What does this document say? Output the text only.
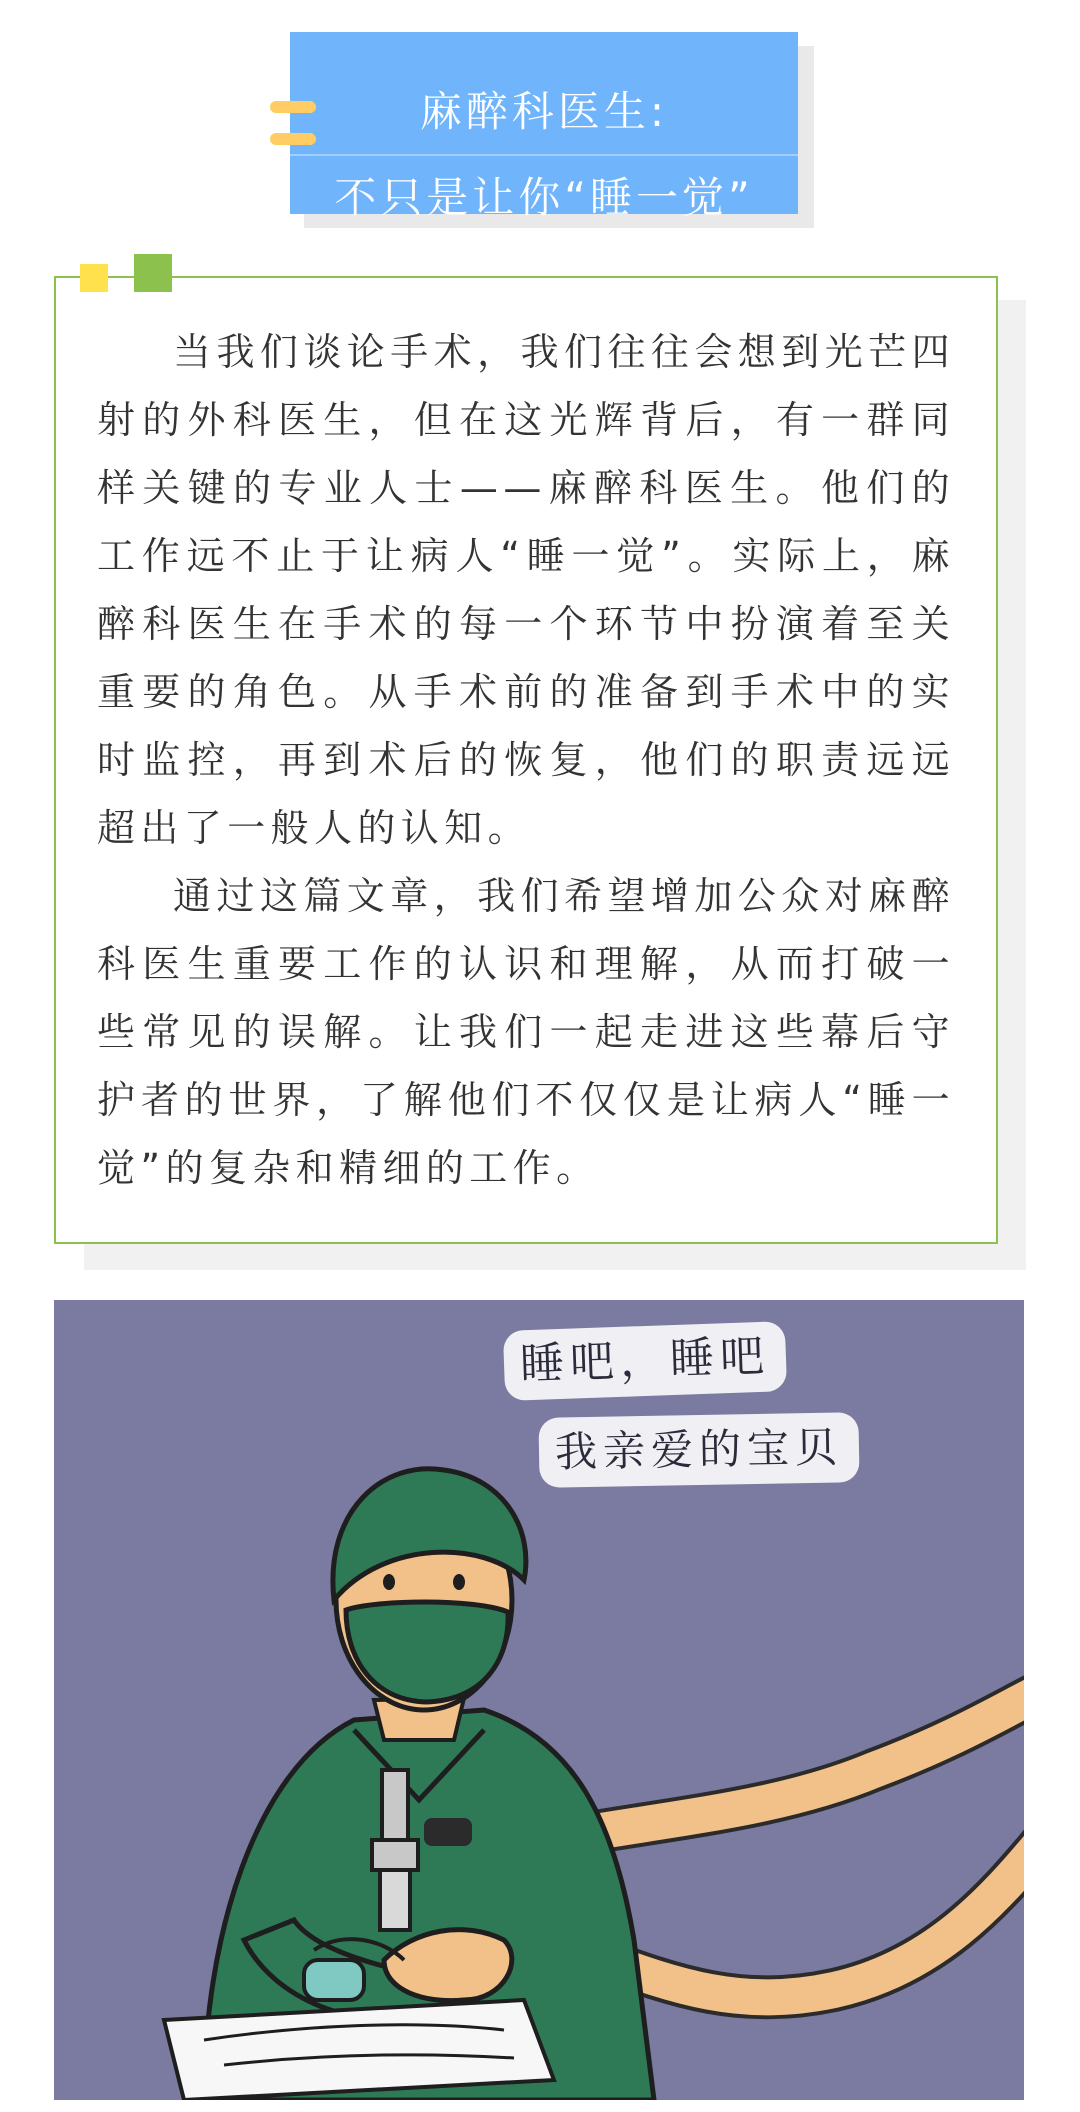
麻醉科医生:
不只是让你“睡一觉”

当我们谈论手术，我们往往会想到光芒四射的外科医生，但在这光辉背后，有一群同样关键的专业人士——麻醉科医生。他们的工作远不止于让病人“睡一觉”。实际上，麻醉科医生在手术的每一个环节中扮演着至关重要的角色。从手术前的准备到手术中的实时监控，再到术后的恢复，他们的职责远远超出了一般人的认知。

通过这篇文章，我们希望增加公众对麻醉科医生重要工作的认识和理解，从而打破一些常见的误解。让我们一起走进这些幕后守护者的世界，了解他们不仅仅是让病人“睡一觉”的复杂和精细的工作。

睡吧，睡吧
我亲爱的宝贝
